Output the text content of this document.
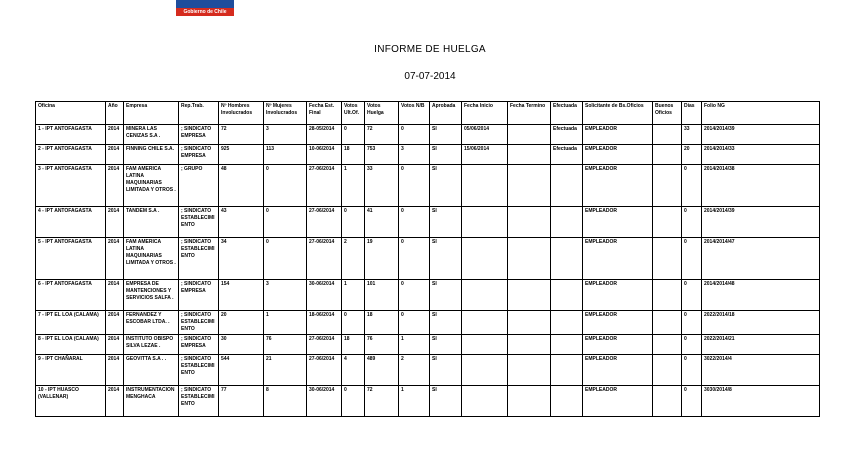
Gobierno de Chile
INFORME DE HUELGA
07-07-2014
Oficina	Año	Empresa	Rep.Trab.	Nº Hombres Involucrados	Nº Mujeres Involucrados	Fecha Est. Final	Votos Ult.Of.	Votos Huelga	Votos N/B	Aprobada	Fecha Inicio	Fecha Termino	Efectuada	Solicitante de Bs.Oficios	Buenos Oficios	Días	Folio NG
1 - IPT ANTOFAGASTA	2014	MINERA LAS CENIZAS S.A .	; SINDICATO EMPRESA	72	3	28-05/2014	0	72	0	SI	05/06/2014		Efectuada	EMPLEADOR		33	2014/2014/39
2 - IPT ANTOFAGASTA	2014	FINNING CHILE S.A.	; SINDICATO EMPRESA	925	113	10-06/2014	18	753	3	SI	15/06/2014		Efectuada	EMPLEADOR		20	2014/2014/33
3 - IPT ANTOFAGASTA	2014	FAM AMERICA LATINA MAQUINARIAS LIMITADA Y OTROS .	; GRUPO	48	0	27-06/2014	1	33	0	SI				EMPLEADOR		0	2014/2014/38
4 - IPT ANTOFAGASTA	2014	TANDEM S.A .	; SINDICATO ESTABLECIMIENTO	43	0	27-06/2014	0	41	0	SI				EMPLEADOR		0	2014/2014/39
5 - IPT ANTOFAGASTA	2014	FAM AMERICA LATINA MAQUINARIAS LIMITADA Y OTROS .	; SINDICATO ESTABLECIMIENTO	34	0	27-06/2014	2	19	0	SI				EMPLEADOR		0	2014/2014/47
6 - IPT ANTOFAGASTA	2014	EMPRESA DE MANTENCIONES Y SERVICIOS SALFA .	; SINDICATO EMPRESA	154	3	30-06/2014	1	101	0	SI				EMPLEADOR		0	2014/2014/48
7 - IPT EL LOA (CALAMA)	2014	FERNANDEZ Y ESCOBAR LTDA. .	; SINDICATO ESTABLECIMIENTO	20	1	18-06/2014	0	18	0	SI				EMPLEADOR		0	2022/2014/18
8 - IPT EL LOA (CALAMA)	2014	INSTITUTO OBISPO SILVA LEZAE .	; SINDICATO EMPRESA	30	76	27-06/2014	18	76	1	SI				EMPLEADOR		0	2022/2014/21
9 - IPT CHAÑARAL	2014	GEOVITTA S.A . .	; SINDICATO ESTABLECIMIENTO	544	21	27-06/2014	4	489	2	SI				EMPLEADOR		0	3022/2014/4
10 - IPT HUASCO (VALLENAR)	2014	INSTRUMENTACION MENGHACA	; SINDICATO ESTABLECIMIENTO	77	8	30-06/2014	0	72	1	SI				EMPLEADOR		0	3030/2014/8
